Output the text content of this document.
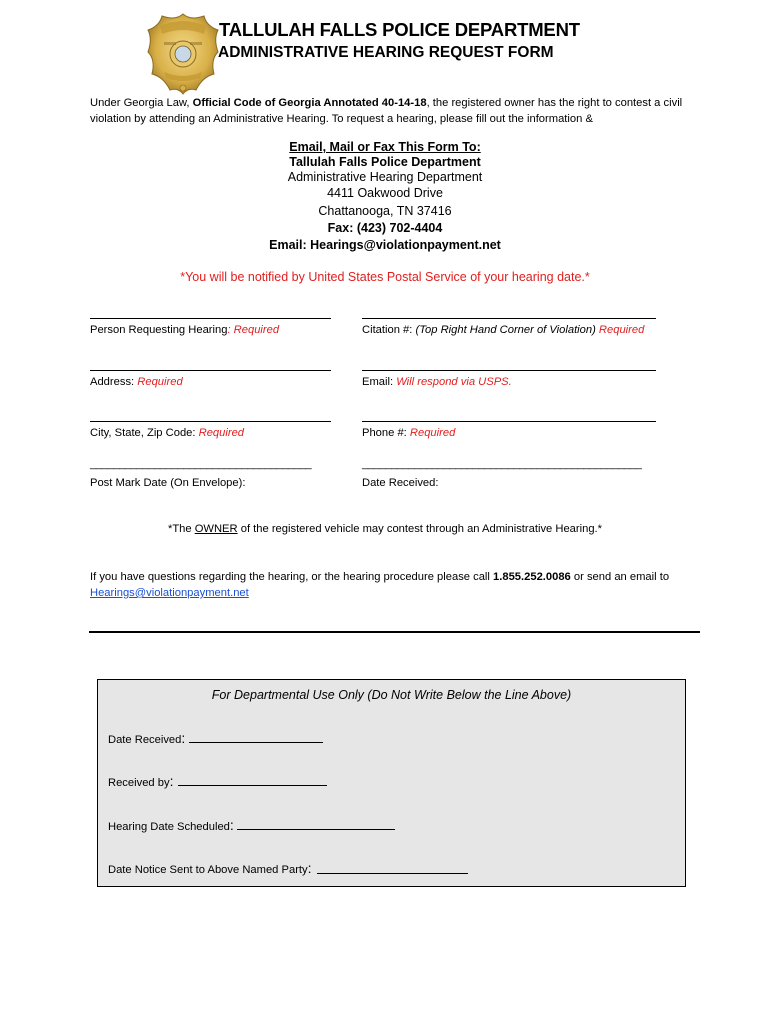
TALLULAH FALLS POLICE DEPARTMENT
ADMINISTRATIVE HEARING REQUEST FORM
Under Georgia Law, Official Code of Georgia Annotated 40-14-18, the registered owner has the right to contest a civil violation by attending an Administrative Hearing. To request a hearing, please fill out the information &
Email, Mail or Fax This Form To:
Tallulah Falls Police Department
Administrative Hearing Department
4411 Oakwood Drive
Chattanooga, TN 37416
Fax: (423) 702-4404
Email: Hearings@violationpayment.net
*You will be notified by United States Postal Service of your hearing date.*
Person Requesting Hearing: Required	Citation #: (Top Right Hand Corner of Violation) Required
Address: Required	Email: Will respond via USPS.
City, State, Zip Code: Required	Phone #: Required
______________________________________	________________________________________________
Post Mark Date (On Envelope):	Date Received:
*The OWNER of the registered vehicle may contest through an Administrative Hearing.*
If you have questions regarding the hearing, or the hearing procedure please call 1.855.252.0086 or send an email to
Hearings@violationpayment.net
For Departmental Use Only (Do Not Write Below the Line Above)
Date Received:
Received by:
Hearing Date Scheduled:
Date Notice Sent to Above Named Party:
